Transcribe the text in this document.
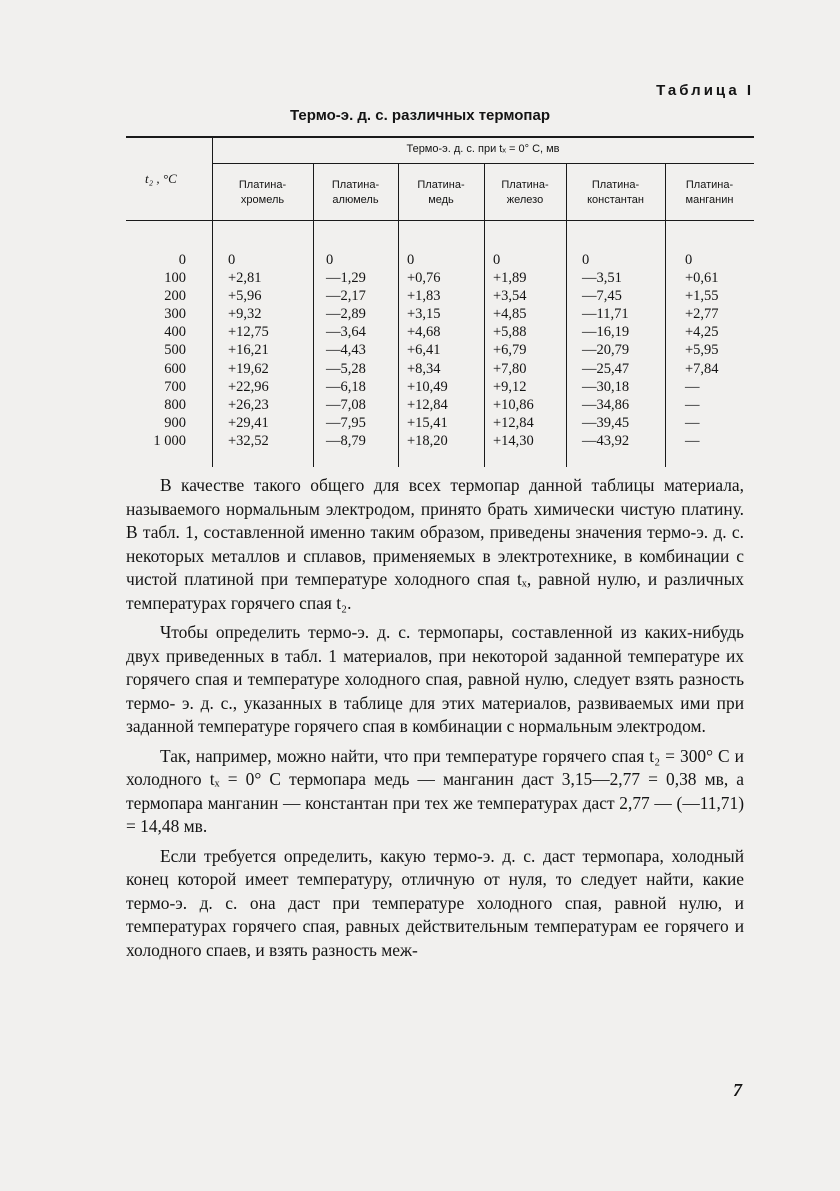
Таблица I
Термо-э. д. с. различных термопар
t₂ , °C
Термо-э. д. с. при tₓ = 0° C, мв
Платина-
хромель
Платина-
алюмель
Платина-
медь
Платина-
железо
Платина-
константан
Платина-
манганин
0
100
200
300
400
500
600
700
800
900
1 000
0
+2,81
+5,96
+9,32
+12,75
+16,21
+19,62
+22,96
+26,23
+29,41
+32,52
0
—1,29
—2,17
—2,89
—3,64
—4,43
—5,28
—6,18
—7,08
—7,95
—8,79
0
+0,76
+1,83
+3,15
+4,68
+6,41
+8,34
+10,49
+12,84
+15,41
+18,20
0
+1,89
+3,54
+4,85
+5,88
+6,79
+7,80
+9,12
+10,86
+12,84
+14,30
0
—3,51
—7,45
—11,71
—16,19
—20,79
—25,47
—30,18
—34,86
—39,45
—43,92
0
+0,61
+1,55
+2,77
+4,25
+5,95
+7,84
—
—
—
—

В качестве такого общего для всех термопар данной таблицы материала, называемого нормальным электродом, принято брать химически чистую платину. В табл. 1, составленной именно таким образом, приведены значения термо-э. д. с. некоторых металлов и сплавов, применяемых в электротехнике, в комбинации с чистой платиной при температуре холодного спая tₓ, равной нулю, и различных температурах горячего спая t₂.

Чтобы определить термо-э. д. с. термопары, составленной из каких-нибудь двух приведенных в табл. 1 материалов, при некоторой заданной температуре их горячего спая и температуре холодного спая, равной нулю, следует взять разность термо- э. д. с., указанных в таблице для этих материалов, развиваемых ими при заданной температуре горячего спая в комбинации с нормальным электродом.

Так, например, можно найти, что при температуре горячего спая t₂ = 300° C и холодного tₓ = 0° C термопара медь — манганин даст 3,15—2,77 = 0,38 мв, а термопара манганин — константан при тех же температурах даст 2,77 — (—11,71) = 14,48 мв.

Если требуется определить, какую термо-э. д. с. даст термопара, холодный конец которой имеет температуру, отличную от нуля, то следует найти, какие термо-э. д. с. она даст при температуре холодного спая, равной нулю, и температурах горячего спая, равных действительным температурам ее горячего и холодного спаев, и взять разность меж-

7
